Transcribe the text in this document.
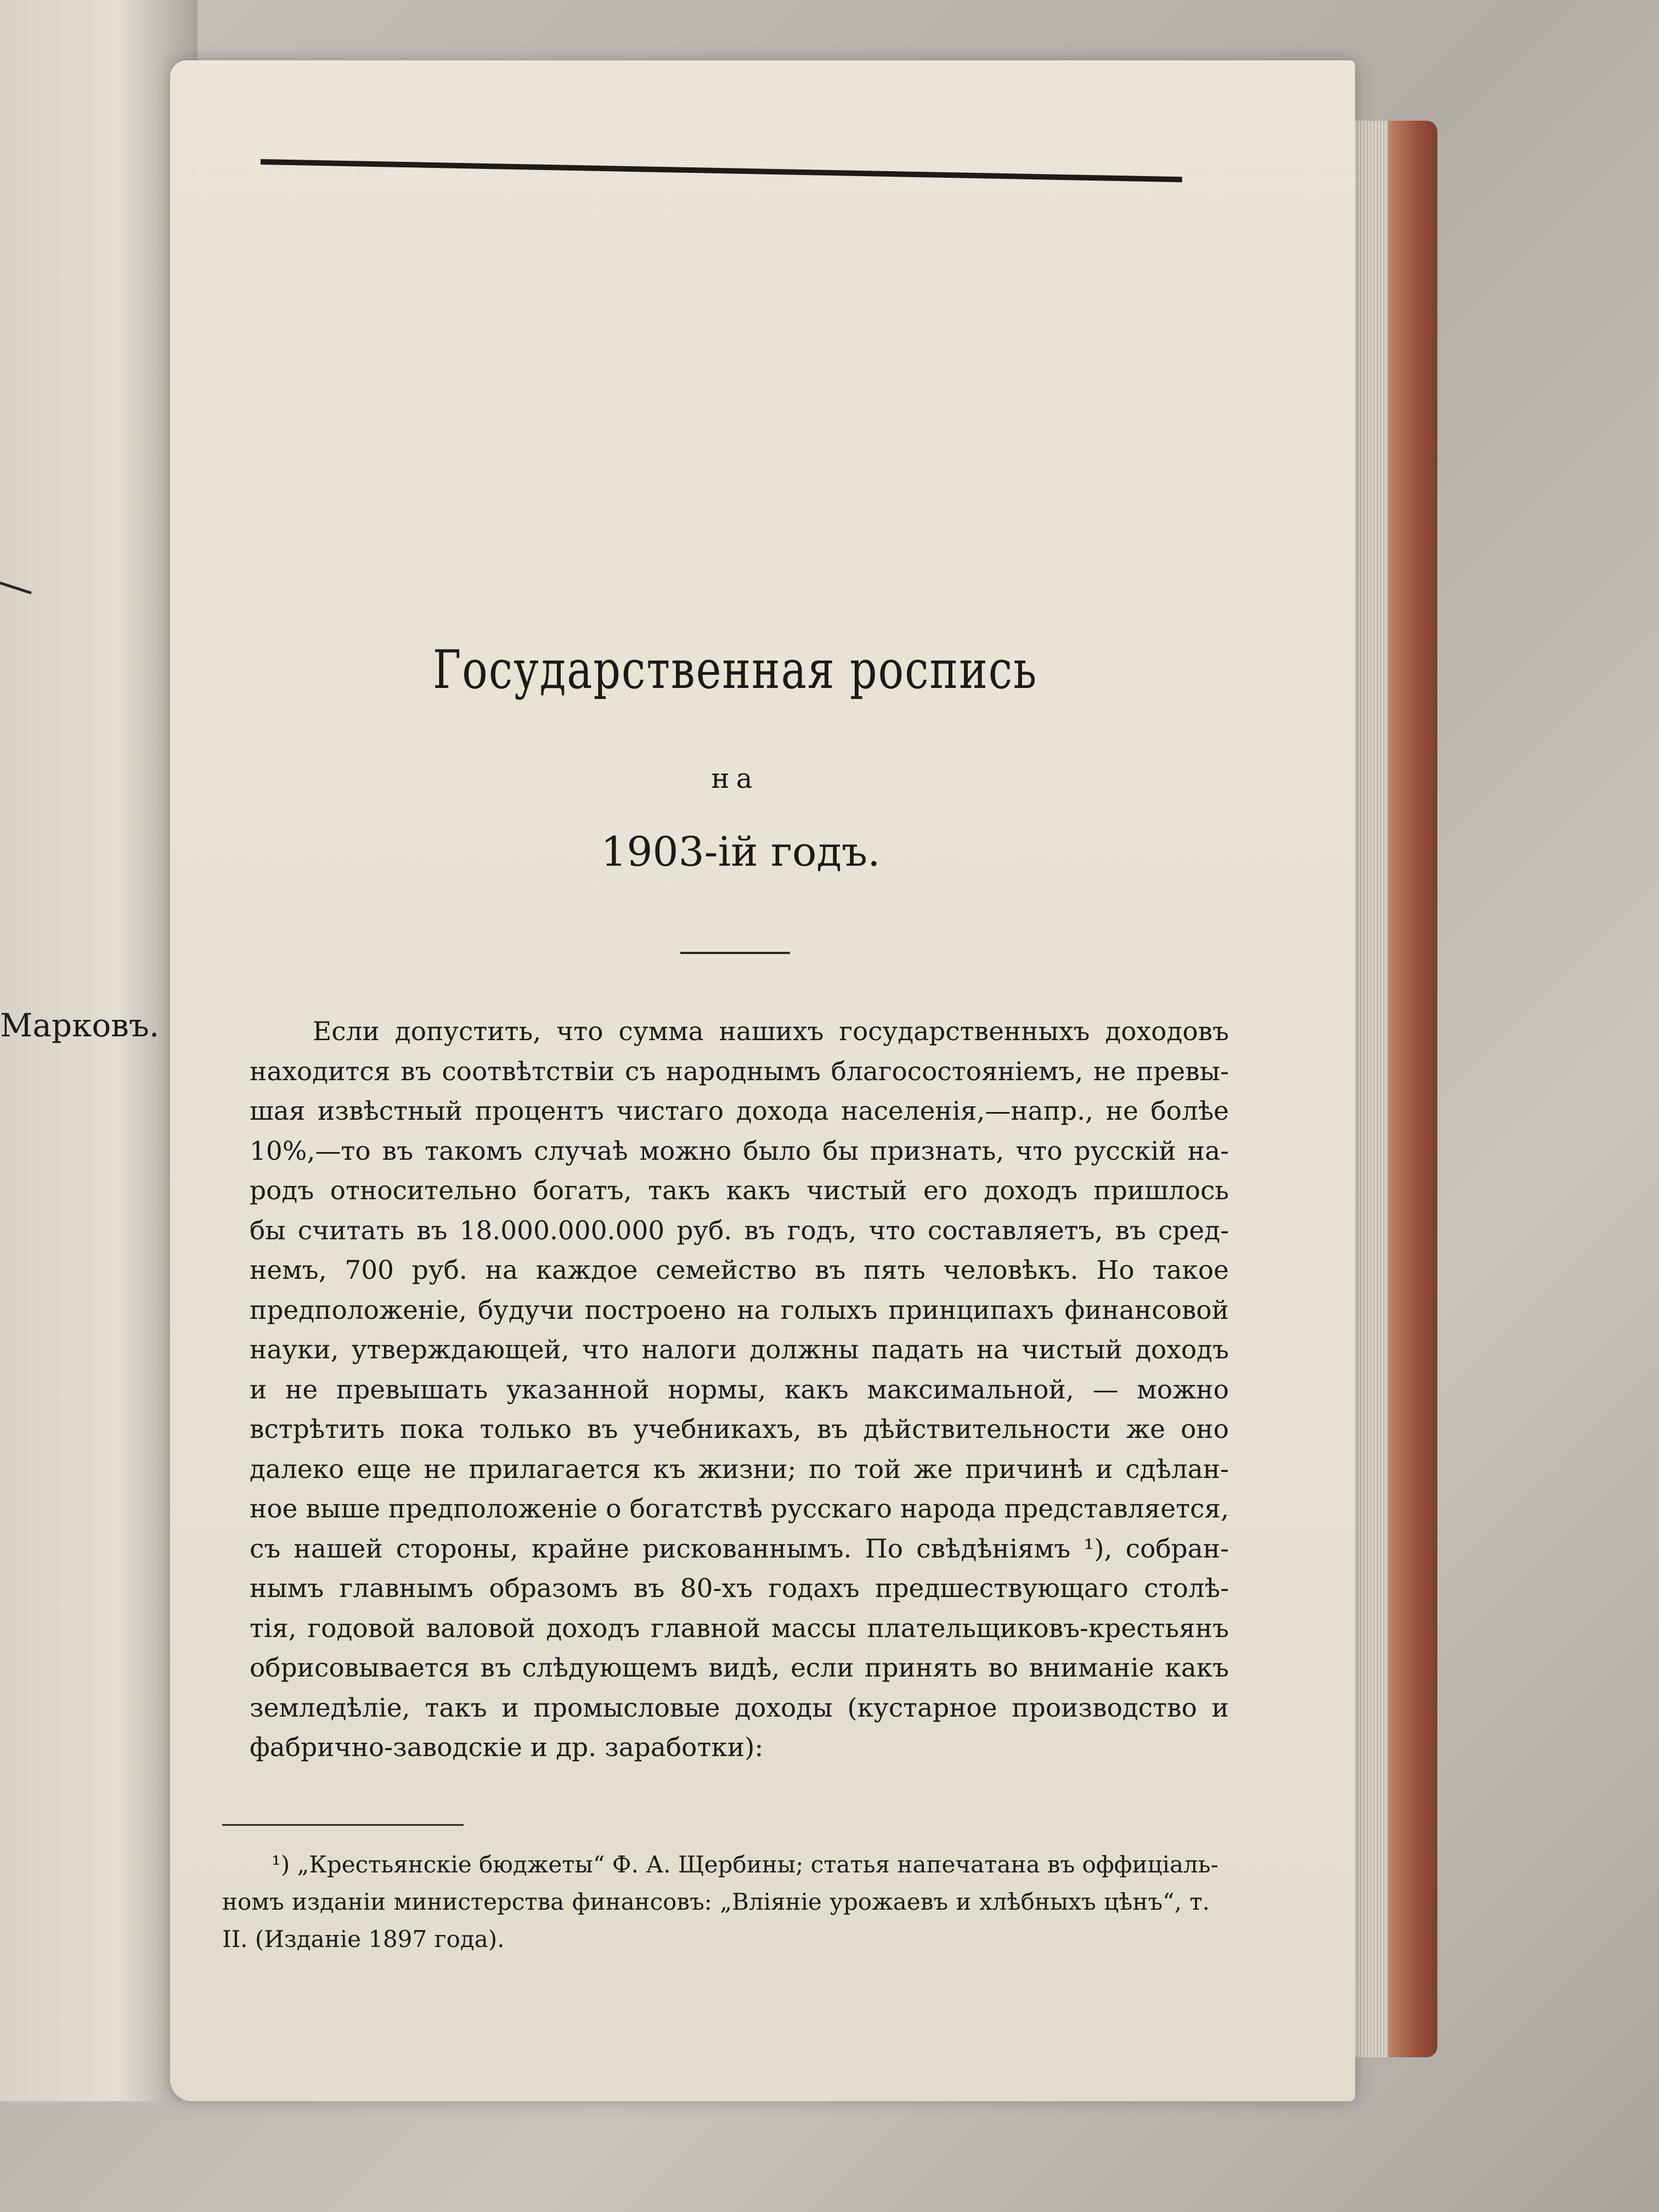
Марковъ.
Государственная роспись
на
1903-ій годъ.
Если допустить, что сумма нашихъ государственныхъ доходовъ
находится въ соотвѣтствіи съ народнымъ благосостояніемъ, не превы-
шая извѣстный процентъ чистаго дохода населенія,—напр., не болѣе
10%,—то въ такомъ случаѣ можно было бы признать, что русскій на-
родъ относительно богатъ, такъ какъ чистый его доходъ пришлось
бы считать въ 18.000.000.000 руб. въ годъ, что составляетъ, въ сред-
немъ, 700 руб. на каждое семейство въ пять человѣкъ. Но такое
предположеніе, будучи построено на голыхъ принципахъ финансовой
науки, утверждающей, что налоги должны падать на чистый доходъ
и не превышать указанной нормы, какъ максимальной, — можно
встрѣтить пока только въ учебникахъ, въ дѣйствительности же оно
далеко еще не прилагается къ жизни; по той же причинѣ и сдѣлан-
ное выше предположеніе о богатствѣ русскаго народа представляется,
съ нашей стороны, крайне рискованнымъ. По свѣдѣніямъ ¹), собран-
нымъ главнымъ образомъ въ 80-хъ годахъ предшествующаго столѣ-
тія, годовой валовой доходъ главной массы плательщиковъ-крестьянъ
обрисовывается въ слѣдующемъ видѣ, если принять во вниманіе какъ
земледѣліе, такъ и промысловые доходы (кустарное производство и
фабрично-заводскіе и др. заработки):
¹) „Крестьянскіе бюджеты“ Ф. А. Щербины; статья напечатана въ оффиціаль-
номъ изданіи министерства финансовъ: „Вліяніе урожаевъ и хлѣбныхъ цѣнъ“, т.
II. (Изданіе 1897 года).
